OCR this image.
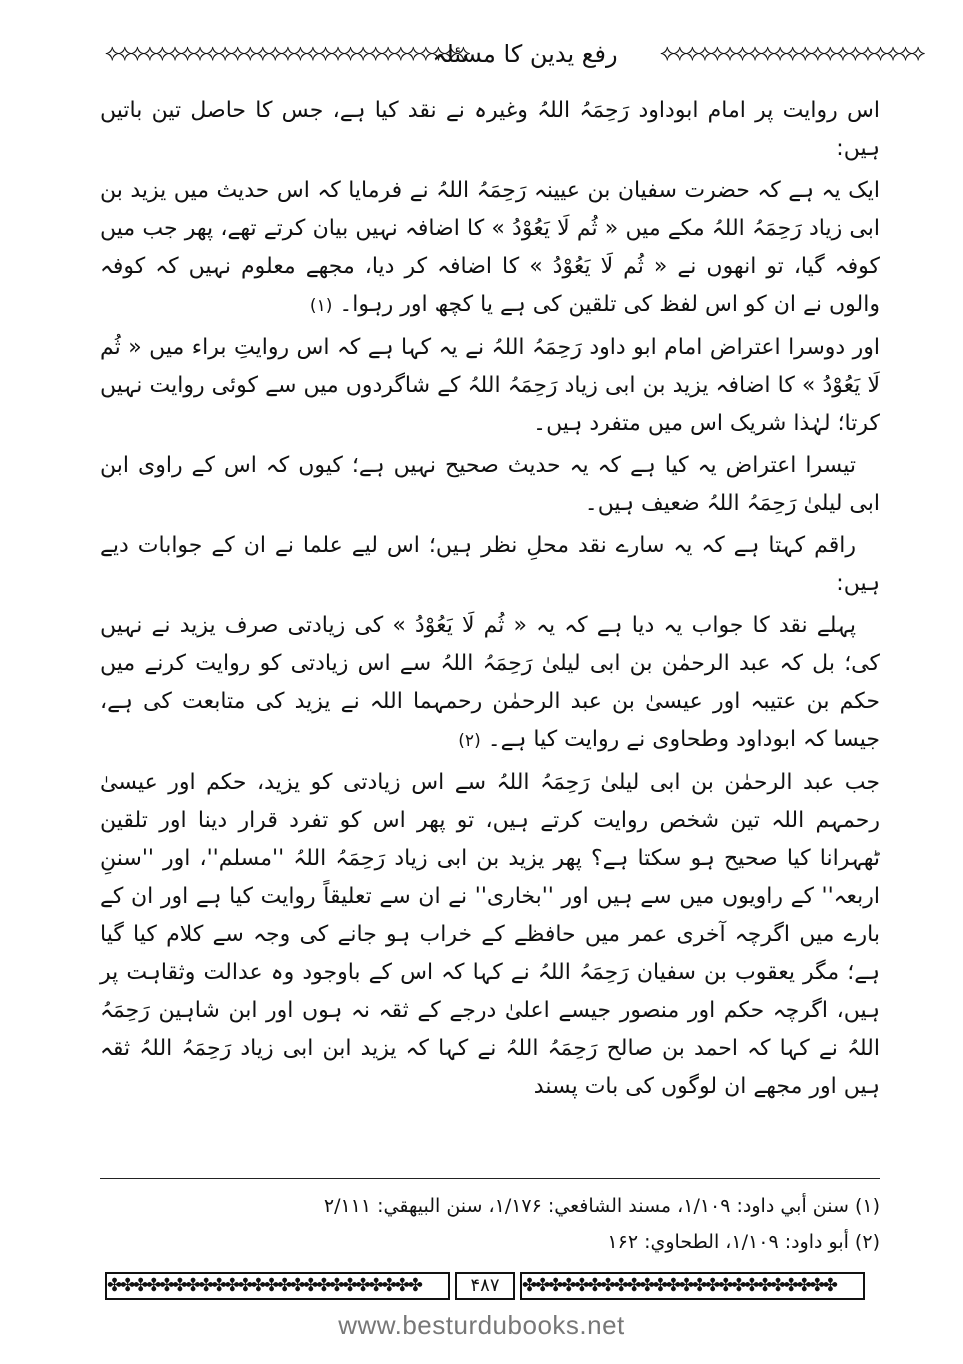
⟡⟡⟡⟡⟡⟡⟡⟡⟡⟡⟡⟡⟡⟡⟡⟡⟡⟡⟡⟡⟡
رفع یدین کا مسئلہ
⟡⟡⟡⟡⟡⟡⟡⟡⟡⟡⟡⟡⟡⟡⟡⟡⟡⟡⟡⟡⟡⟡⟡⟡⟡⟡⟡⟡⟡

اس روایت پر امام ابوداود رَحِمَہُ اللہُ وغیرہ نے نقد کیا ہے، جس کا حاصل تین باتیں ہیں:

ایک یہ ہے کہ حضرت سفیان بن عیینہ رَحِمَہُ اللہُ نے فرمایا کہ اس حدیث میں یزید بن ابی زیاد رَحِمَہُ اللہُ مکے میں « ثُم لَا یَعُوْدُ » کا اضافہ نہیں بیان کرتے تھے، پھر جب میں کوفہ گیا، تو انھوں نے « ثُم لَا یَعُوْدُ » کا اضافہ کر دیا، مجھے معلوم نہیں کہ کوفہ والوں نے ان کو اس لفظ کی تلقین کی ہے یا کچھ اور رہوا۔ (۱)

اور دوسرا اعتراض امام ابو داود رَحِمَہُ اللہُ نے یہ کہا ہے کہ اس روایتِ براء میں « ثُم لَا یَعُوْدُ » کا اضافہ یزید بن ابی زیاد رَحِمَہُ اللہُ کے شاگردوں میں سے کوئی روایت نہیں کرتا؛ لہٰذا شریک اس میں متفرد ہیں۔

تیسرا اعتراض یہ کیا ہے کہ یہ حدیث صحیح نہیں ہے؛ کیوں کہ اس کے راوی ابن ابی لیلیٰ رَحِمَہُ اللہُ ضعیف ہیں۔

راقم کہتا ہے کہ یہ سارے نقد محلِ نظر ہیں؛ اس لیے علما نے ان کے جوابات دیے ہیں:

پہلے نقد کا جواب یہ دیا ہے کہ یہ « ثُم لَا یَعُوْدُ » کی زیادتی صرف یزید نے نہیں کی؛ بل کہ عبد الرحمٰن بن ابی لیلیٰ رَحِمَہُ اللہُ سے اس زیادتی کو روایت کرنے میں حکم بن عتیبہ اور عیسیٰ بن عبد الرحمٰن رحمہما اللہ نے یزید کی متابعت کی ہے، جیسا کہ ابوداود وطحاوی نے روایت کیا ہے۔ (۲)

جب عبد الرحمٰن بن ابی لیلیٰ رَحِمَہُ اللہُ سے اس زیادتی کو یزید، حکم اور عیسیٰ رحمہم اللہ تین شخص روایت کرتے ہیں، تو پھر اس کو تفرد قرار دینا اور تلقین ٹھہرانا کیا صحیح ہو سکتا ہے؟ پھر یزید بن ابی زیاد رَحِمَہُ اللہُ ''مسلم''، اور ''سننِ اربعہ'' کے راویوں میں سے ہیں اور ''بخاری'' نے ان سے تعلیقاً روایت کیا ہے اور ان کے بارے میں اگرچہ آخری عمر میں حافظے کے خراب ہو جانے کی وجہ سے کلام کیا گیا ہے؛ مگر یعقوب بن سفیان رَحِمَہُ اللہُ نے کہا کہ اس کے باوجود وہ عدالت وثقاہت پر ہیں، اگرچہ حکم اور منصور جیسے اعلیٰ درجے کے ثقہ نہ ہوں اور ابن شاہین رَحِمَہُ اللہُ نے کہا کہ احمد بن صالح رَحِمَہُ اللہُ نے کہا کہ یزید ابن ابی زیاد رَحِمَہُ اللہُ ثقہ ہیں اور مجھے ان لوگوں کی بات پسند

(۱) سنن أبي داود: ۱/۱۰۹، مسند الشافعي: ۱/۱۷۶، سنن البيهقي: ۲/۱۱۱
(۲) أبو داود: ۱/۱۰۹، الطحاوي: ۱۶۲
✤✤✤✤✤✤✤✤✤✤✤✤✤✤✤✤✤✤✤✤✤✤✤✤	۴۸۷	✤✤✤✤✤✤✤✤✤✤✤✤✤✤✤✤✤✤✤✤✤✤✤✤
www.besturdubooks.net
